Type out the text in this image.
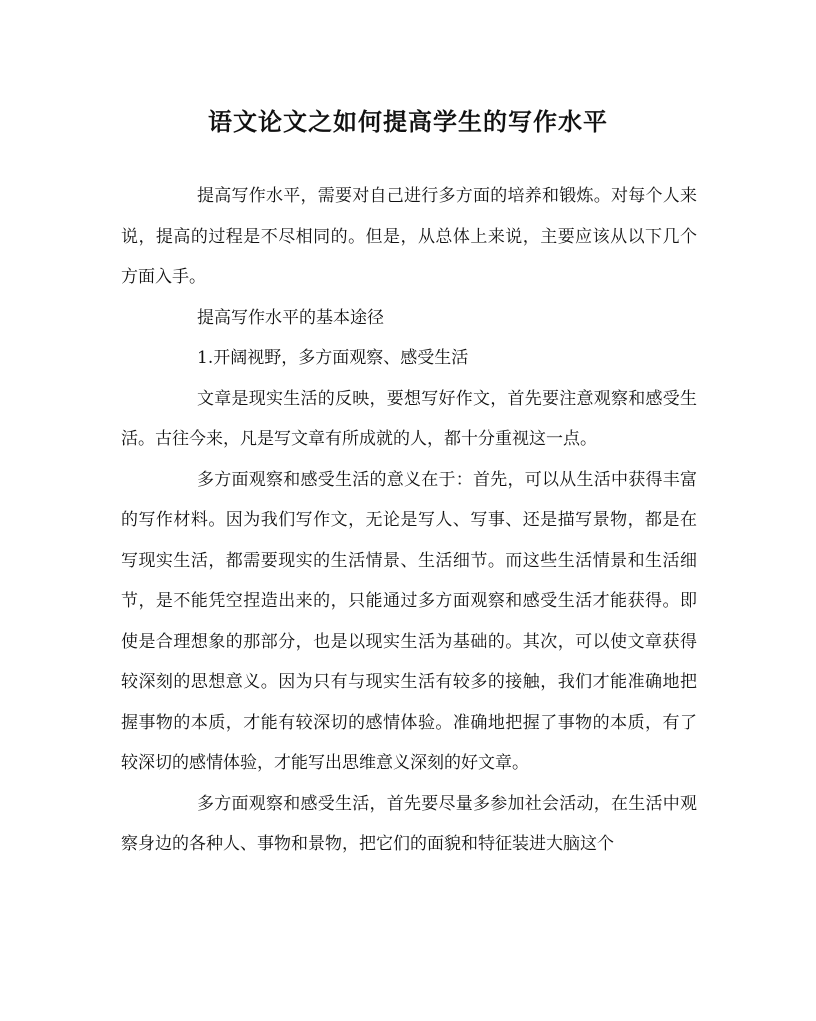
语文论文之如何提高学生的写作水平

提高写作水平，需要对自己进行多方面的培养和锻炼。对每个人来说，提高的过程是不尽相同的。但是，从总体上来说，主要应该从以下几个方面入手。

提高写作水平的基本途径

1.开阔视野，多方面观察、感受生活

文章是现实生活的反映，要想写好作文，首先要注意观察和感受生活。古往今来，凡是写文章有所成就的人，都十分重视这一点。

多方面观察和感受生活的意义在于：首先，可以从生活中获得丰富的写作材料。因为我们写作文，无论是写人、写事、还是描写景物，都是在写现实生活，都需要现实的生活情景、生活细节。而这些生活情景和生活细节，是不能凭空捏造出来的，只能通过多方面观察和感受生活才能获得。即使是合理想象的那部分，也是以现实生活为基础的。其次，可以使文章获得较深刻的思想意义。因为只有与现实生活有较多的接触，我们才能准确地把握事物的本质，才能有较深切的感情体验。准确地把握了事物的本质，有了较深切的感情体验，才能写出思维意义深刻的好文章。

多方面观察和感受生活，首先要尽量多参加社会活动，在生活中观察身边的各种人、事物和景物，把它们的面貌和特征装进大脑这个
